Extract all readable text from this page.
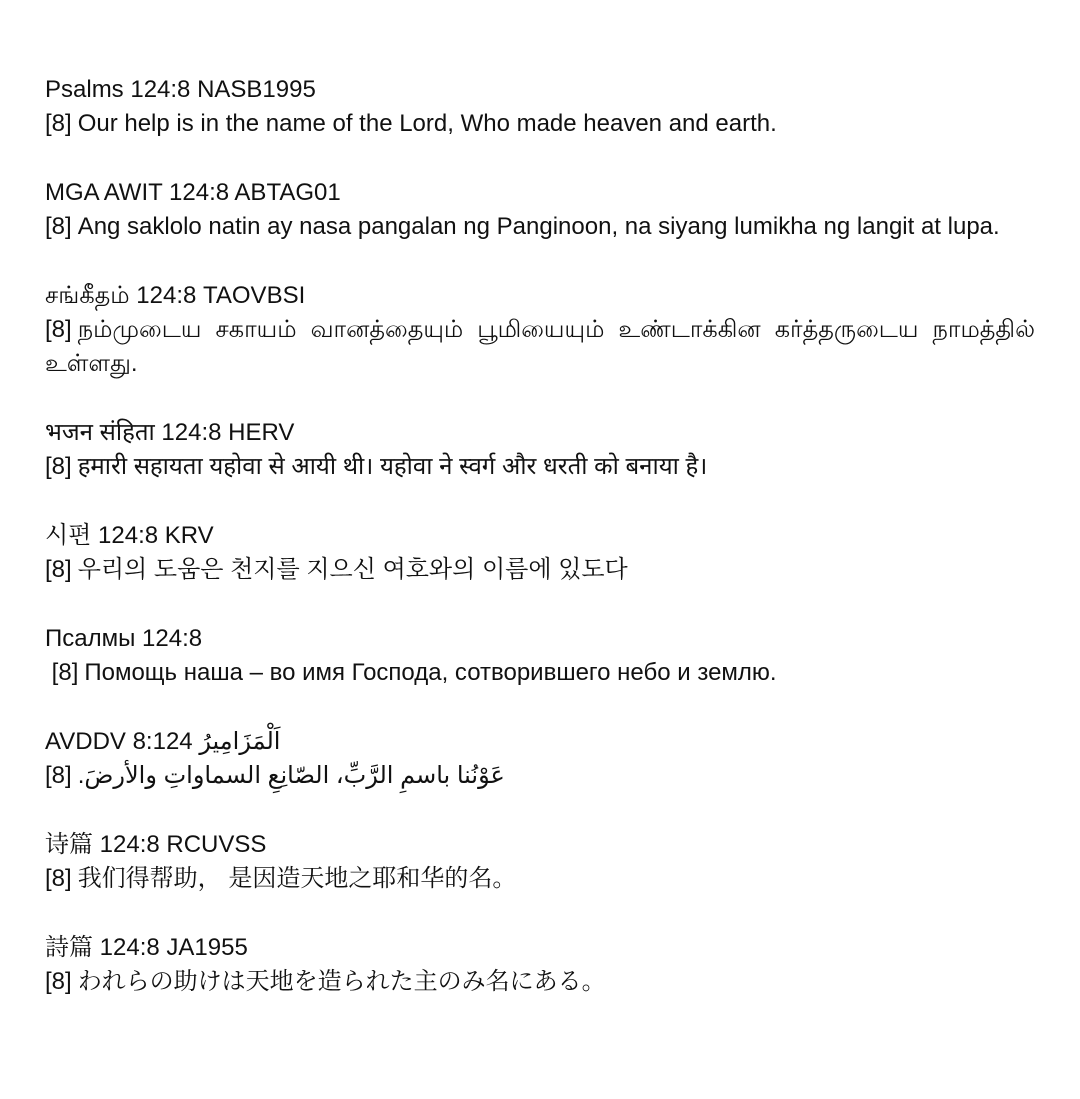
Psalms 124:8 NASB1995
[8] Our help is in the name of the Lord, Who made heaven and earth.
MGA AWIT 124:8 ABTAG01
[8] Ang saklolo natin ay nasa pangalan ng Panginoon, na siyang lumikha ng langit at lupa.
சங்கீதம் 124:8 TAOVBSI
[8] நம்முடைய சகாயம் வானத்தையும் பூமியையும் உண்டாக்கின கர்த்தருடைய நாமத்தில் உள்ளது.
भजन संहिता 124:8 HERV
[8] हमारी सहायता यहोवा से आयी थी। यहोवा ने स्वर्ग और धरती को बनाया है।
시편 124:8 KRV
[8] 우리의 도움은 천지를 지으신 여호와의 이름에 있도다
Псалмы 124:8
[8] Помощь наша – во имя Господа, сотворившего небо и землю.
AVDDV 8:124 اَلْمَزَامِيرُ
[8] عَوْنُنا باسمِ الرَّبِّ، الصّانِعِ السماواتِ والأرضَ.
诗篇 124:8 RCUVSS
[8] 我们得帮助， 是因造天地之耶和华的名。
詩篇 124:8 JA1955
[8] われらの助けは天地を造られた主のみ名にある。
